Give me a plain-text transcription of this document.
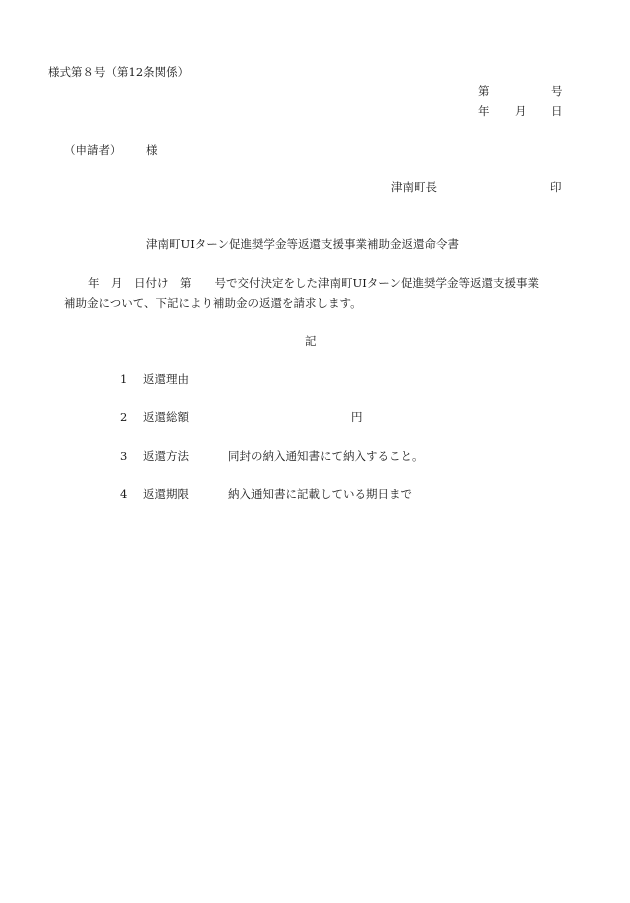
様式第８号（第12条関係）
第	号
年 月 日
（申請者） 様
津南町長	印
津南町UIターン促進奨学金等返還支援事業補助金返還命令書
年　月　日付け　第　　号で交付決定をした津南町UIターン促進奨学金等返還支援事業
補助金について、下記により補助金の返還を請求します。
記
1 返還理由
2 返還総額	円
3 返還方法	同封の納入通知書にて納入すること。
4 返還期限	納入通知書に記載している期日まで
